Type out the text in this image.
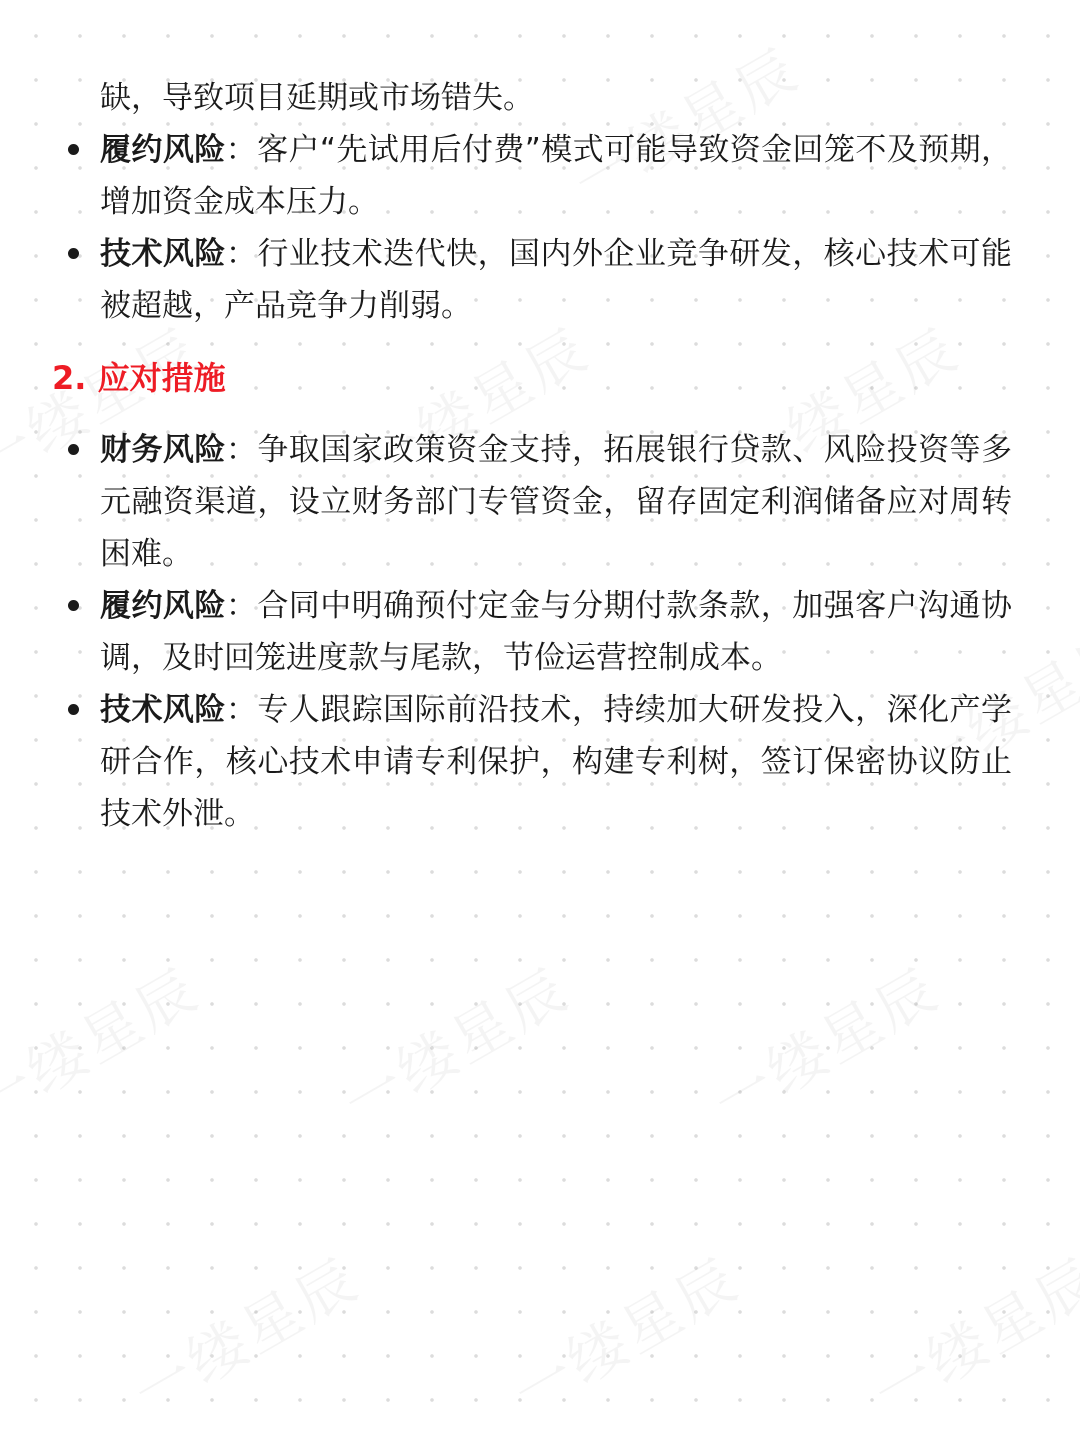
缺，导致项目延期或市场错失。

履约风险：客户“先试用后付费”模式可能导致资金回笼不及预期，增加资金成本压力。
技术风险：行业技术迭代快，国内外企业竞争研发，核心技术可能被超越，产品竞争力削弱。
2. 应对措施
财务风险：争取国家政策资金支持，拓展银行贷款、风险投资等多元融资渠道，设立财务部门专管资金，留存固定利润储备应对周转困难。
履约风险：合同中明确预付定金与分期付款条款，加强客户沟通协调，及时回笼进度款与尾款，节俭运营控制成本。
技术风险：专人跟踪国际前沿技术，持续加大研发投入，深化产学研合作，核心技术申请专利保护，构建专利树，签订保密协议防止技术外泄。
